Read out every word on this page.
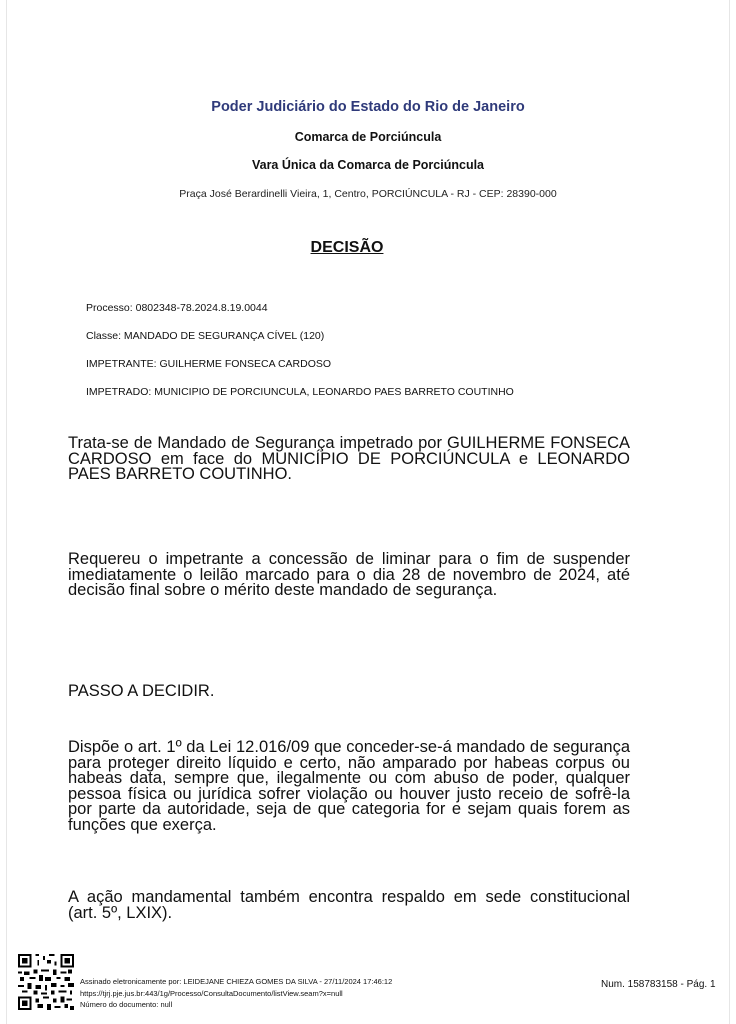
Poder Judiciário do Estado do Rio de Janeiro
Comarca de Porciúncula
Vara Única da Comarca de Porciúncula
Praça José Berardinelli Vieira, 1, Centro, PORCIÚNCULA - RJ - CEP: 28390-000
DECISÃO
Processo: 0802348-78.2024.8.19.0044
Classe: MANDADO DE SEGURANÇA CÍVEL (120)
IMPETRANTE: GUILHERME FONSECA CARDOSO
IMPETRADO: MUNICIPIO DE PORCIUNCULA, LEONARDO PAES BARRETO COUTINHO
Trata-se de Mandado de Segurança impetrado por GUILHERME FONSECA CARDOSO em face do MUNICÍPIO DE PORCIÚNCULA e LEONARDO PAES BARRETO COUTINHO.
Requereu o impetrante a concessão de liminar para o fim de suspender imediatamente o leilão marcado para o dia 28 de novembro de 2024, até decisão final sobre o mérito deste mandado de segurança.
PASSO A DECIDIR.
Dispõe o art. 1º da Lei 12.016/09 que conceder-se-á mandado de segurança para proteger direito líquido e certo, não amparado por habeas corpus ou habeas data, sempre que, ilegalmente ou com abuso de poder, qualquer pessoa física ou jurídica sofrer violação ou houver justo receio de sofrê-la por parte da autoridade, seja de que categoria for e sejam quais forem as funções que exerça.
A ação mandamental também encontra respaldo em sede constitucional (art. 5º, LXIX).
Assinado eletronicamente por: LEIDEJANE CHIEZA GOMES DA SILVA - 27/11/2024 17:46:12
https://tjrj.pje.jus.br:443/1g/Processo/ConsultaDocumento/listView.seam?x=null
Número do documento: null
Num. 158783158 - Pág. 1
